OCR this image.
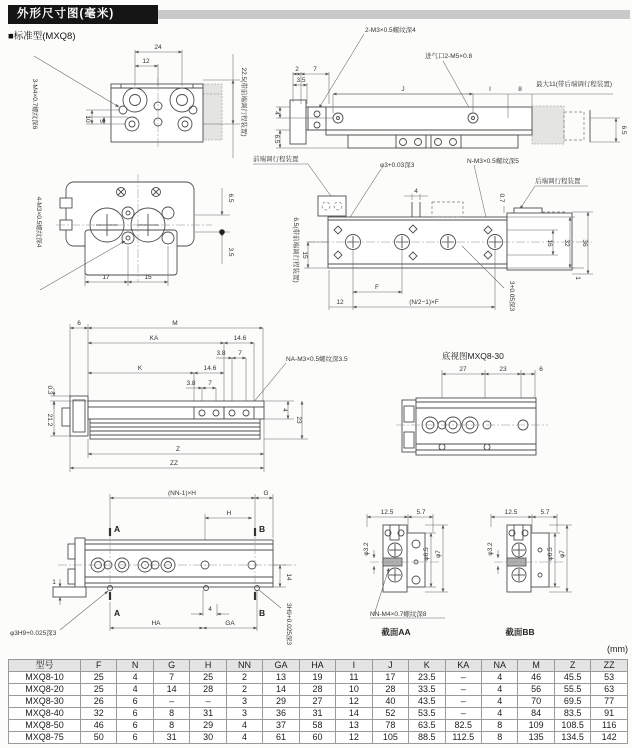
外形尺寸图(毫米)
■标准型(MXQ8)
24
12
10 5
3-M4×0.7螺纹深6	22.5(带前端调行程装置)
2-M3×0.5螺纹深4
进气口2-M5×0.8
2 7
3.5
J	I	8
最大11(带后端调行程装置)
4
6.5
6.5
4-M3×0.5螺纹深4
17	15
6.5
3.5
前端调行程装置
后端调行程装置
φ3+0.03深3
N-M3×0.5螺纹深5
4
0.7
6.5(带前端调行程装置) 15
16 32 36
1
F
(N/2−1)×F
12	3+0.05深3
6	M
KA	14.6
3.8 7
K	14.6
3.8 7
NA-M3×0.5螺纹深3.5
0.3
21.2
4
23
Z
ZZ
底视图MXQ8-30
27	23	6
(NN-1)×H	G
H
A
A
B
B
1
14
4
HA	GA
φ3H9+0.025深3	3H9+0.025深3
12.5	5.7
φ3.2	φ6.5 φ7
NN-M4×0.7螺纹深8
截面AA
12.5	5.7
φ3.2	φ6.5 φ7
截面BB
(mm)
型号	F	N	G	H	NN	GA	HA	I	J	K	KA	NA	M	Z	ZZ
MXQ8-10	25	4	7	25	2	13	19	11	17	23.5	–	4	46	45.5	53
MXQ8-20	25	4	14	28	2	14	28	10	28	33.5	–	4	56	55.5	63
MXQ8-30	26	6	–	–	3	29	27	12	40	43.5	–	4	70	69.5	77
MXQ8-40	32	6	8	31	3	36	31	14	52	53.5	–	4	84	83.5	91
MXQ8-50	46	6	8	29	4	37	58	13	78	63.5	82.5	8	109	108.5	116
MXQ8-75	50	6	31	30	4	61	60	12	105	88.5	112.5	8	135	134.5	142
